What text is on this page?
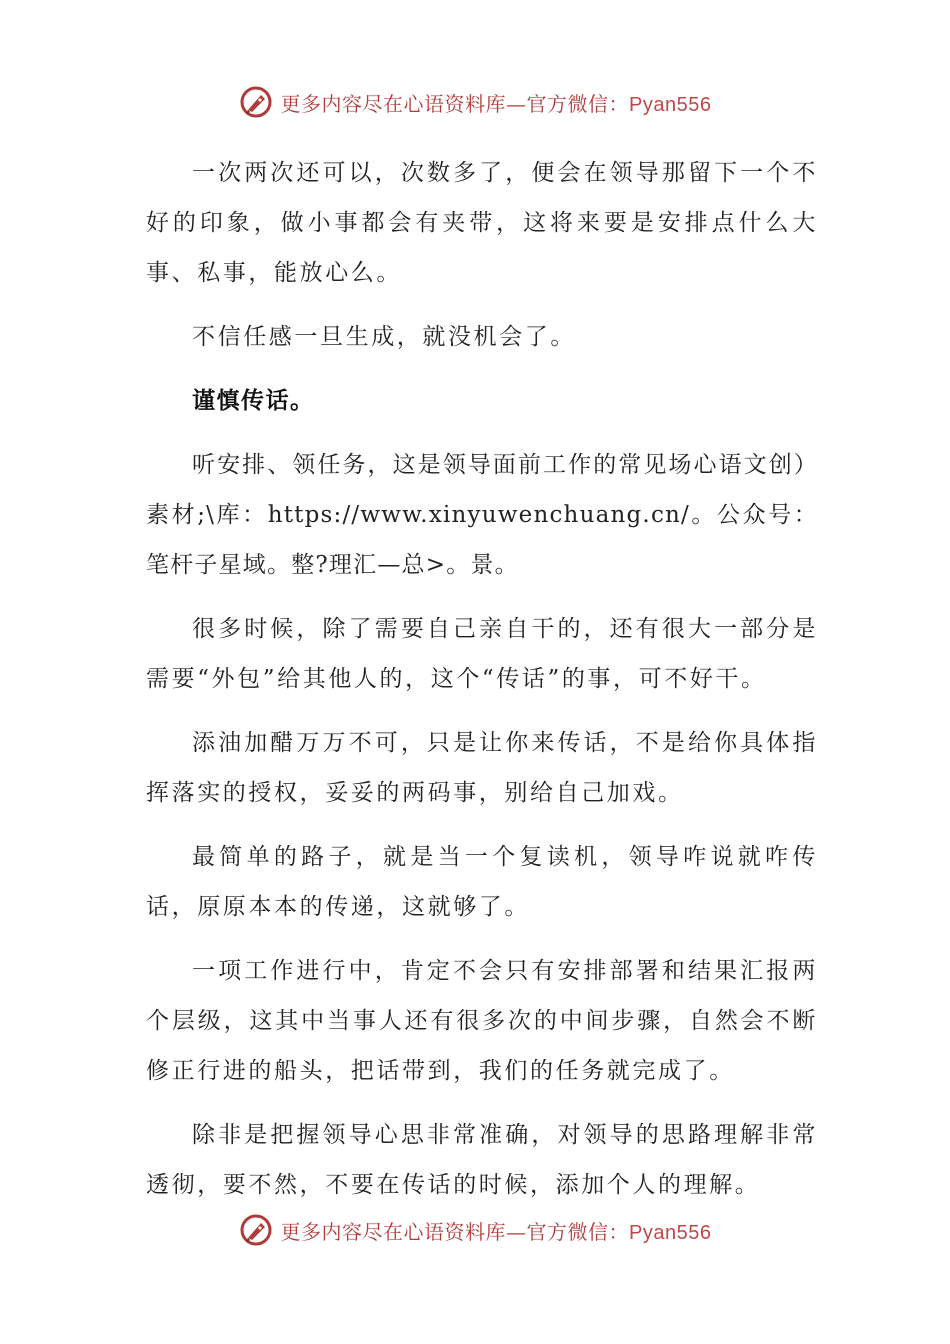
更多内容尽在心语资料库—官方微信：Pyan556

一次两次还可以，次数多了，便会在领导那留下一个不好的印象，做小事都会有夹带，这将来要是安排点什么大事、私事，能放心么。

不信任感一旦生成，就没机会了。

谨慎传话。

听安排、领任务，这是领导面前工作的常见场心语文创）素材;\库：https://www.xinyuwenchuang.cn/。公众号：笔杆子星域。整?理汇—总>。景。

很多时候，除了需要自己亲自干的，还有很大一部分是需要“外包”给其他人的，这个“传话”的事，可不好干。

添油加醋万万不可，只是让你来传话，不是给你具体指挥落实的授权，妥妥的两码事，别给自己加戏。

最简单的路子，就是当一个复读机，领导咋说就咋传话，原原本本的传递，这就够了。

一项工作进行中，肯定不会只有安排部署和结果汇报两个层级，这其中当事人还有很多次的中间步骤，自然会不断修正行进的船头，把话带到，我们的任务就完成了。

除非是把握领导心思非常准确，对领导的思路理解非常透彻，要不然，不要在传话的时候，添加个人的理解。

更多内容尽在心语资料库—官方微信：Pyan556
